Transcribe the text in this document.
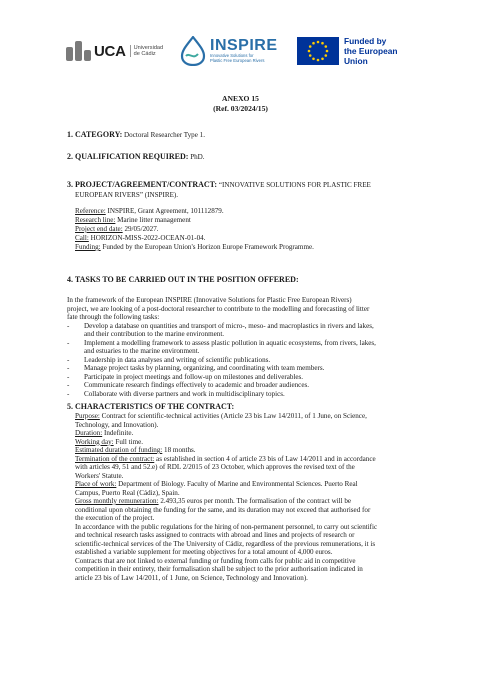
UCA Universidad
de Cádiz	INSPIRE
Innovative Solutions for
Plastic Free European Rivers
Funded by
the European Union
ANEXO 15
(Ref. 03/2024/15)
1. CATEGORY: Doctoral Researcher Type 1.
2. QUALIFICATION REQUIRED: PhD.
3. PROJECT/AGREEMENT/CONTRACT: “INNOVATIVE SOLUTIONS FOR PLASTIC FREE
EUROPEAN RIVERS” (INSPIRE).
Reference: INSPIRE, Grant Agreement, 101112879.
Research line: Marine litter management
Project end date: 29/05/2027.
Call: HORIZON-MISS-2022-OCEAN-01-04.
Funding: Funded by the European Union's Horizon Europe Framework Programme.
4. TASKS TO BE CARRIED OUT IN THE POSITION OFFERED:
In the framework of the European INSPIRE (Innovative Solutions for Plastic Free European Rivers)
project, we are looking of a post-doctoral researcher to contribute to the modelling and forecasting of litter
fate through the following tasks:
- Develop a database on quantities and transport of micro-, meso- and macroplastics in rivers and lakes,
and their contribution to the marine environment.
- Implement a modelling framework to assess plastic pollution in aquatic ecosystems, from rivers, lakes,
and estuaries to the marine environment.
- Leadership in data analyses and writing of scientific publications.
- Manage project tasks by planning, organizing, and coordinating with team members.
- Participate in project meetings and follow-up on milestones and deliverables.
- Communicate research findings effectively to academic and broader audiences.
- Collaborate with diverse partners and work in multidisciplinary topics.
5. CHARACTERISTICS OF THE CONTRACT:
Purpose: Contract for scientific-technical activities (Article 23 bis Law 14/2011, of 1 June, on Science,
Technology, and Innovation).
Duration: Indefinite.
Working day: Full time.
Estimated duration of funding: 18 months.
Termination of the contract: as established in section 4 of article 23 bis of Law 14/2011 and in accordance
with articles 49, 51 and 52.e) of RDL 2/2015 of 23 October, which approves the revised text of the
Workers' Statute.
Place of work: Department of Biology. Faculty of Marine and Environmental Sciences. Puerto Real
Campus, Puerto Real (Cádiz), Spain.
Gross monthly remuneration: 2.493,35 euros per month. The formalisation of the contract will be
conditional upon obtaining the funding for the same, and its duration may not exceed that authorised for
the execution of the project.
In accordance with the public regulations for the hiring of non-permanent personnel, to carry out scientific
and technical research tasks assigned to contracts with abroad and lines and projects of research or
scientific-technical services of the The University of Cádiz, regardless of the previous remunerations, it is
established a variable supplement for meeting objectives for a total amount of 4,000 euros.
Contracts that are not linked to external funding or funding from calls for public aid in competitive
competition in their entirety, their formalisation shall be subject to the prior authorisation indicated in
article 23 bis of Law 14/2011, of 1 June, on Science, Technology and Innovation).
